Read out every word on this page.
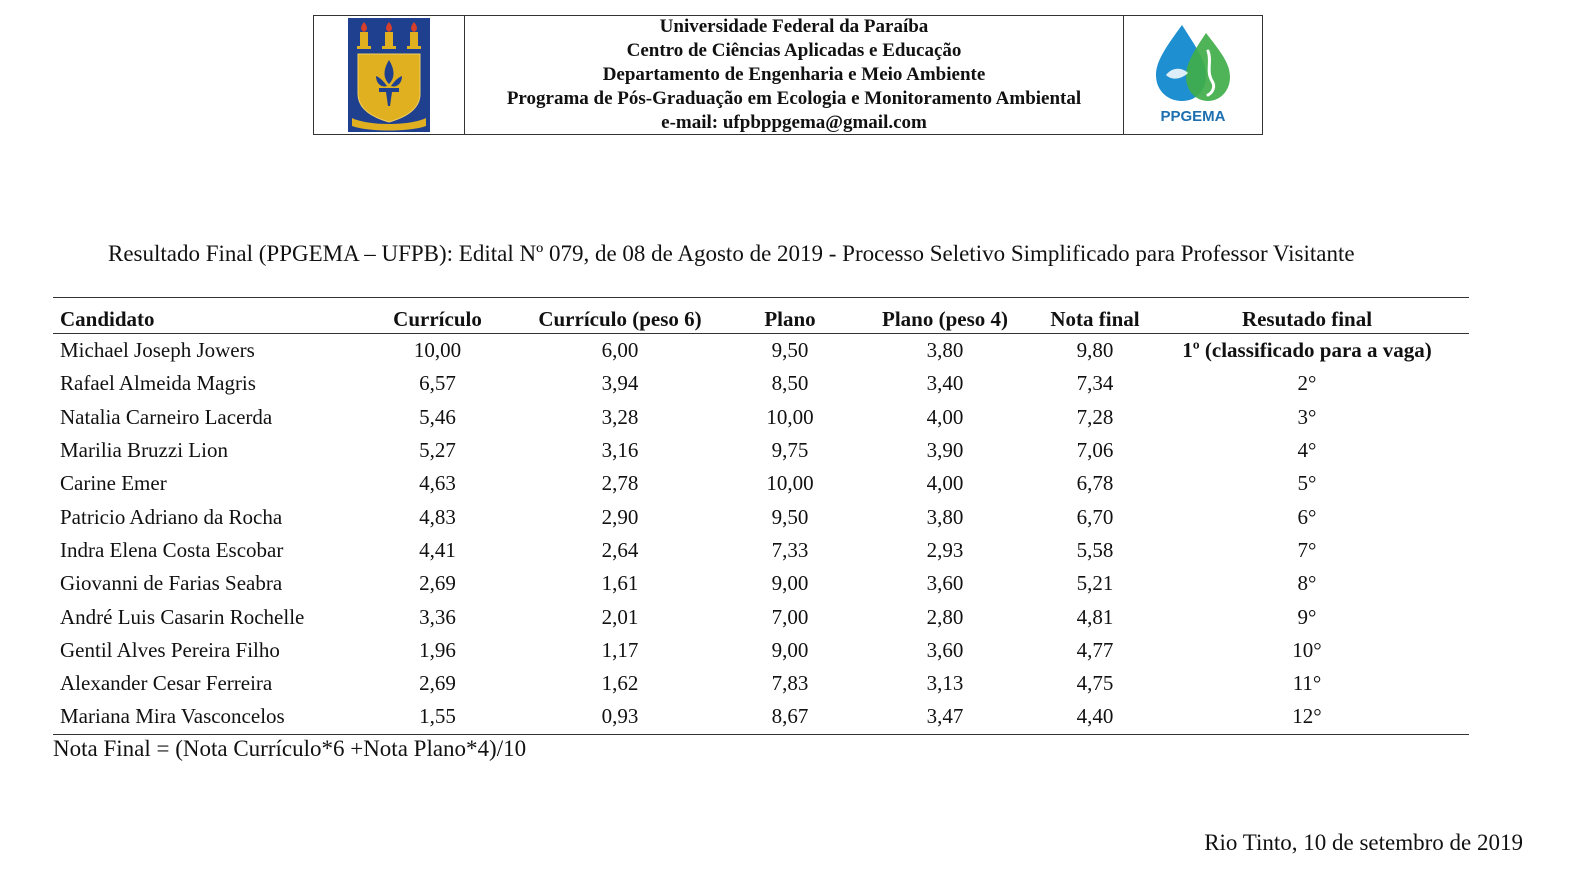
Universidade Federal da Paraíba
Centro de Ciências Aplicadas e Educação
Departamento de Engenharia e Meio Ambiente
Programa de Pós-Graduação em Ecologia e Monitoramento Ambiental
e-mail: ufpbppgema@gmail.com	PPGEMA
Resultado Final (PPGEMA – UFPB): Edital Nº 079, de 08 de Agosto de 2019 - Processo Seletivo Simplificado para Professor Visitante
Candidato	Currículo	Currículo (peso 6)	Plano	Plano (peso 4)	Nota final	Resutado final
Michael Joseph Jowers	10,00	6,00	9,50	3,80	9,80	1º (classificado para a vaga)
Rafael Almeida Magris	6,57	3,94	8,50	3,40	7,34	2°
Natalia Carneiro Lacerda	5,46	3,28	10,00	4,00	7,28	3°
Marilia Bruzzi Lion	5,27	3,16	9,75	3,90	7,06	4°
Carine Emer	4,63	2,78	10,00	4,00	6,78	5°
Patricio Adriano da Rocha	4,83	2,90	9,50	3,80	6,70	6°
Indra Elena Costa Escobar	4,41	2,64	7,33	2,93	5,58	7°
Giovanni de Farias Seabra	2,69	1,61	9,00	3,60	5,21	8°
André Luis Casarin Rochelle	3,36	2,01	7,00	2,80	4,81	9°
Gentil Alves Pereira Filho	1,96	1,17	9,00	3,60	4,77	10°
Alexander Cesar Ferreira	2,69	1,62	7,83	3,13	4,75	11°
Mariana Mira Vasconcelos	1,55	0,93	8,67	3,47	4,40	12°
Nota Final = (Nota Currículo*6 +Nota Plano*4)/10
Rio Tinto, 10 de setembro de 2019
